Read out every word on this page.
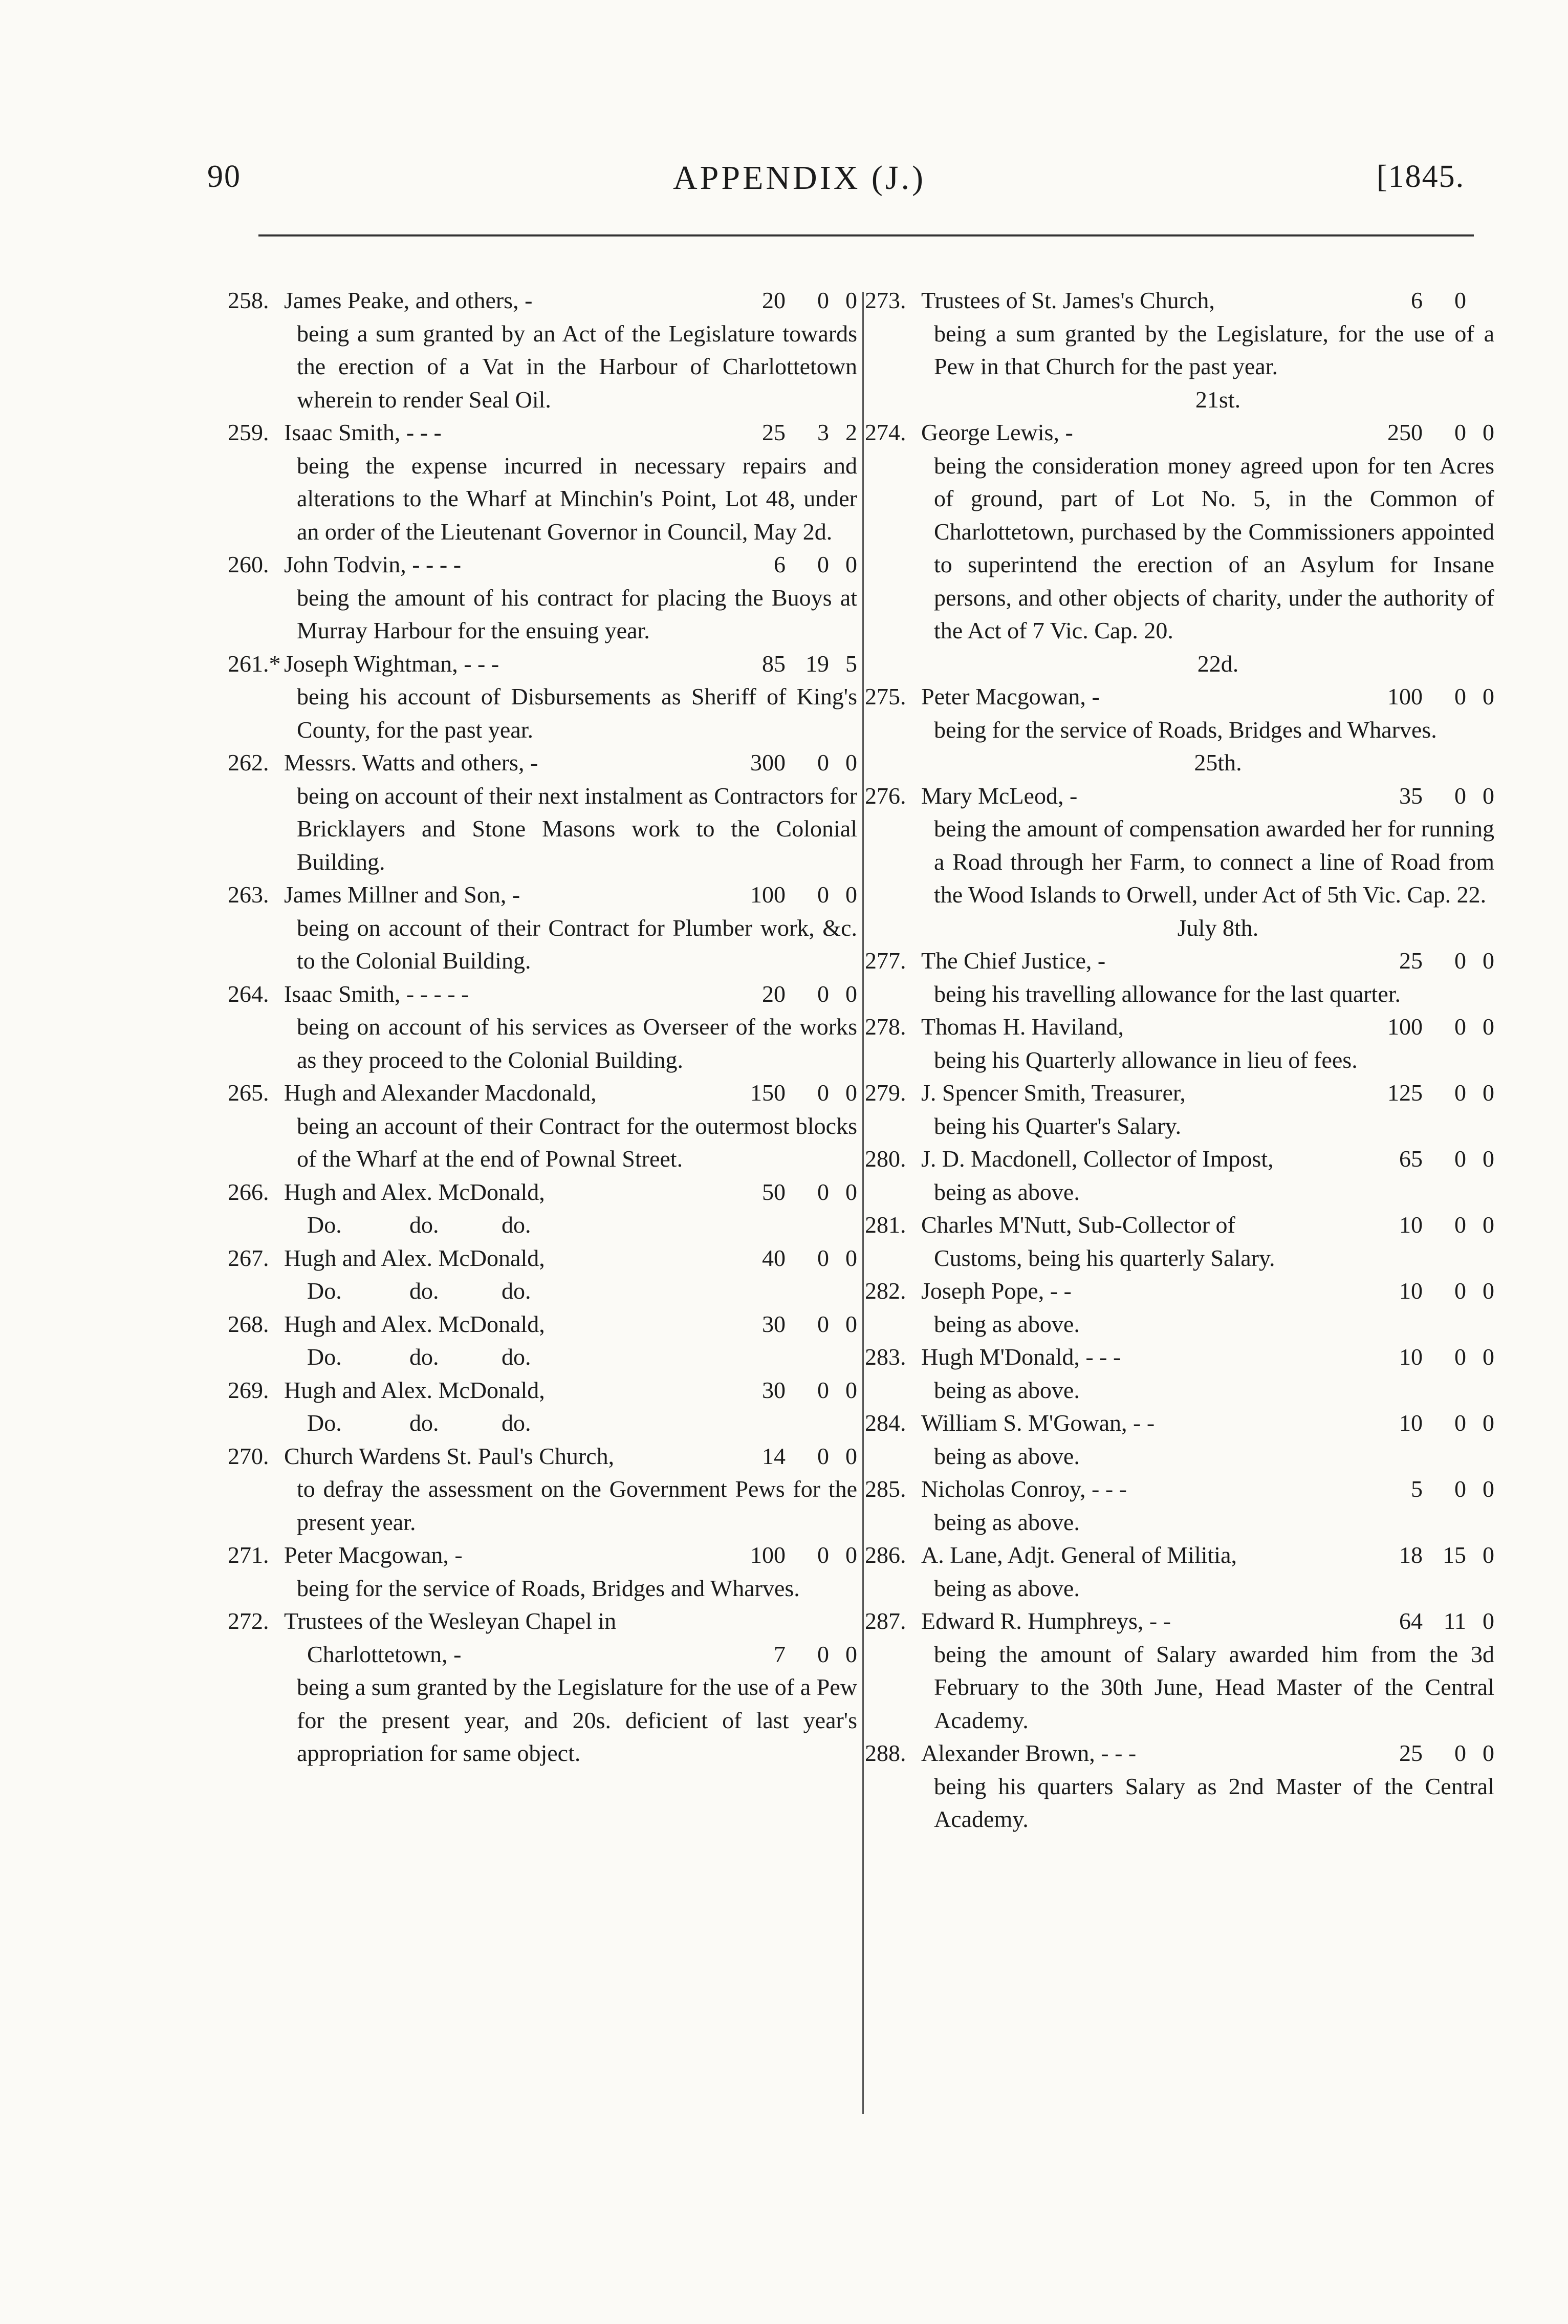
90	APPENDIX (J.)	[1845.
258. James Peake, and others, -	20	0 0
being a sum granted by an Act of the Legislature towards the erection of a Vat in the Harbour of Charlottetown wherein to render Seal Oil.
259. Isaac Smith, - - -	25	3 2
being the expense incurred in necessary repairs and alterations to the Wharf at Minchin's Point, Lot 48, under an order of the Lieutenant Governor in Council, May 2d.
260. John Todvin, - - - -	6	0 0
being the amount of his contract for placing the Buoys at Murray Harbour for the ensuing year.
261.* Joseph Wightman, - - -	85 19 5
being his account of Disbursements as Sheriff of King's County, for the past year.
262. Messrs. Watts and others, -	300	0 0
being on account of their next instalment as Contractors for Bricklayers and Stone Masons work to the Colonial Building.
263. James Millner and Son, -	100	0 0
being on account of their Contract for Plumber work, &c. to the Colonial Building.
264. Isaac Smith, - - - - -	20	0 0
being on account of his services as Overseer of the works as they proceed to the Colonial Building.
265. Hugh and Alexander Macdonald,	150	0 0
being an account of their Contract for the outermost blocks of the Wharf at the end of Pownal Street.
266. Hugh and Alex. McDonald,	50	0 0
Do.	do.	do.
267. Hugh and Alex. McDonald,	40	0 0
Do.	do.	do.
268. Hugh and Alex. McDonald,	30	0 0
Do.	do.	do.
269. Hugh and Alex. McDonald,	30	0 0
Do.	do.	do.
270. Church Wardens St. Paul's Church,	14	0 0
to defray the assessment on the Government Pews for the present year.
271. Peter Macgowan, -	100	0 0
being for the service of Roads, Bridges and Wharves.
272. Trustees of the Wesleyan Chapel in
Charlottetown, -	7	0 0
being a sum granted by the Legislature for the use of a Pew for the present year, and 20s. deficient of last year's appropriation for same object.
273. Trustees of St. James's Church,	6	0
being a sum granted by the Legislature, for the use of a Pew in that Church for the past year.
21st.
274. George Lewis, -	250	0 0
being the consideration money agreed upon for ten Acres of ground, part of Lot No. 5, in the Common of Charlottetown, purchased by the Commissioners appointed to superintend the erection of an Asylum for Insane persons, and other objects of charity, under the authority of the Act of 7 Vic. Cap. 20.
22d.
275. Peter Macgowan, -	100	0 0
being for the service of Roads, Bridges and Wharves.
25th.
276. Mary McLeod, -	35	0 0
being the amount of compensation awarded her for running a Road through her Farm, to connect a line of Road from the Wood Islands to Orwell, under Act of 5th Vic. Cap. 22.
July 8th.
277. The Chief Justice, -	25	0 0
being his travelling allowance for the last quarter.
278. Thomas H. Haviland,	100	0 0
being his Quarterly allowance in lieu of fees.
279. J. Spencer Smith, Treasurer,	125	0 0
being his Quarter's Salary.
280. J. D. Macdonell, Collector of Impost,	65	0 0
being as above.
281. Charles M'Nutt, Sub-Collector of	10	0 0
Customs, being his quarterly Salary.
282. Joseph Pope, - -	10	0 0
being as above.
283. Hugh M'Donald, - - -	10	0 0
being as above.
284. William S. M'Gowan, - -	10	0 0
being as above.
285. Nicholas Conroy, - - -	5	0 0
being as above.
286. A. Lane, Adjt. General of Militia,	18 15 0
being as above.
287. Edward R. Humphreys, - -	64 11 0
being the amount of Salary awarded him from the 3d February to the 30th June, Head Master of the Central Academy.
288. Alexander Brown, - - -	25	0 0
being his quarters Salary as 2nd Master of the Central Academy.
